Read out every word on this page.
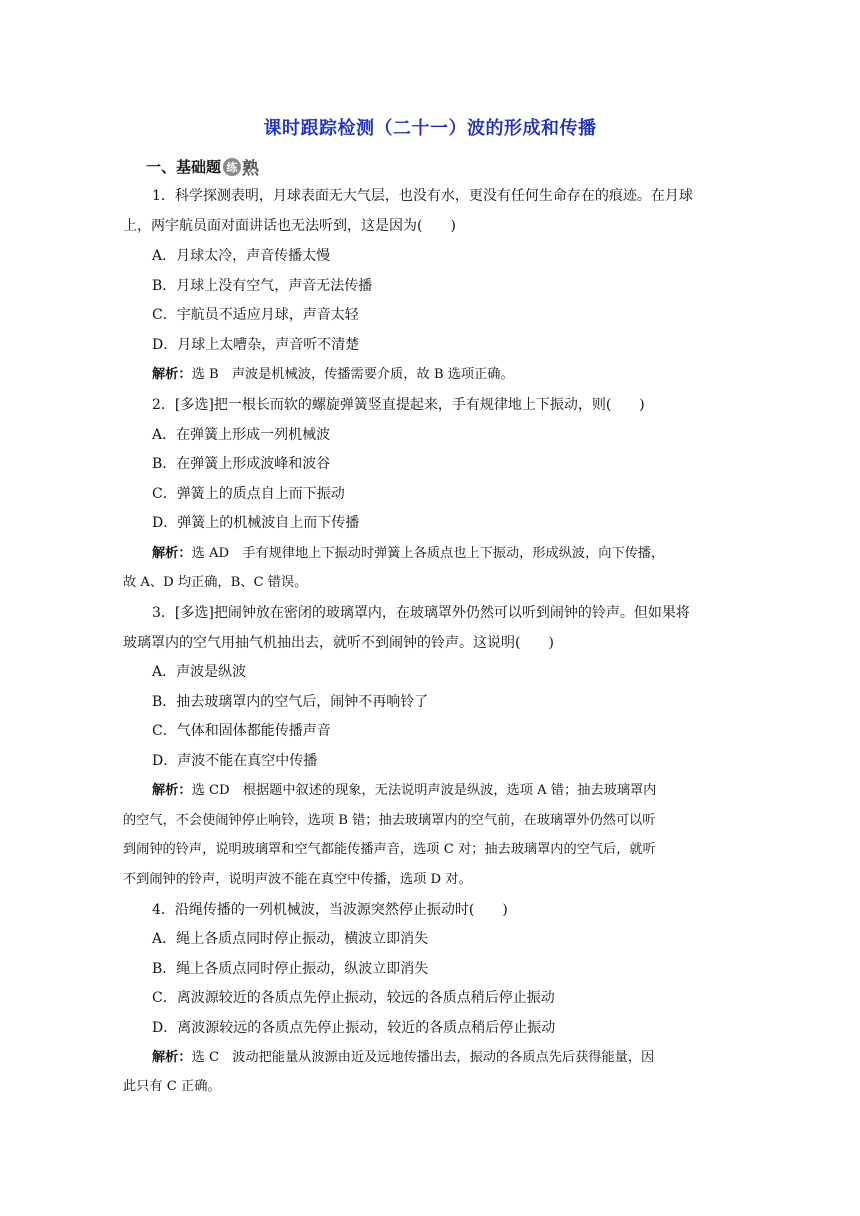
课时跟踪检测（二十一）波的形成和传播
一、基础题 练 熟
1．科学探测表明，月球表面无大气层，也没有水，更没有任何生命存在的痕迹。在月球
上，两宇航员面对面讲话也无法听到，这是因为(　　)
A．月球太冷，声音传播太慢
B．月球上没有空气，声音无法传播
C．宇航员不适应月球，声音太轻
D．月球上太嘈杂，声音听不清楚
解析：选 B　声波是机械波，传播需要介质，故 B 选项正确。
2．[多选]把一根长而软的螺旋弹簧竖直提起来，手有规律地上下振动，则(　　)
A．在弹簧上形成一列机械波
B．在弹簧上形成波峰和波谷
C．弹簧上的质点自上而下振动
D．弹簧上的机械波自上而下传播
解析：选 AD　手有规律地上下振动时弹簧上各质点也上下振动，形成纵波，向下传播，
故 A、D 均正确，B、C 错误。
3．[多选]把闹钟放在密闭的玻璃罩内，在玻璃罩外仍然可以听到闹钟的铃声。但如果将
玻璃罩内的空气用抽气机抽出去，就听不到闹钟的铃声。这说明(　　)
A．声波是纵波
B．抽去玻璃罩内的空气后，闹钟不再响铃了
C．气体和固体都能传播声音
D．声波不能在真空中传播
解析：选 CD　根据题中叙述的现象，无法说明声波是纵波，选项 A 错；抽去玻璃罩内
的空气，不会使闹钟停止响铃，选项 B 错；抽去玻璃罩内的空气前，在玻璃罩外仍然可以听
到闹钟的铃声，说明玻璃罩和空气都能传播声音，选项 C 对；抽去玻璃罩内的空气后，就听
不到闹钟的铃声，说明声波不能在真空中传播，选项 D 对。
4．沿绳传播的一列机械波，当波源突然停止振动时(　　)
A．绳上各质点同时停止振动，横波立即消失
B．绳上各质点同时停止振动，纵波立即消失
C．离波源较近的各质点先停止振动，较远的各质点稍后停止振动
D．离波源较远的各质点先停止振动，较近的各质点稍后停止振动
解析：选 C　波动把能量从波源由近及远地传播出去，振动的各质点先后获得能量，因
此只有 C 正确。
